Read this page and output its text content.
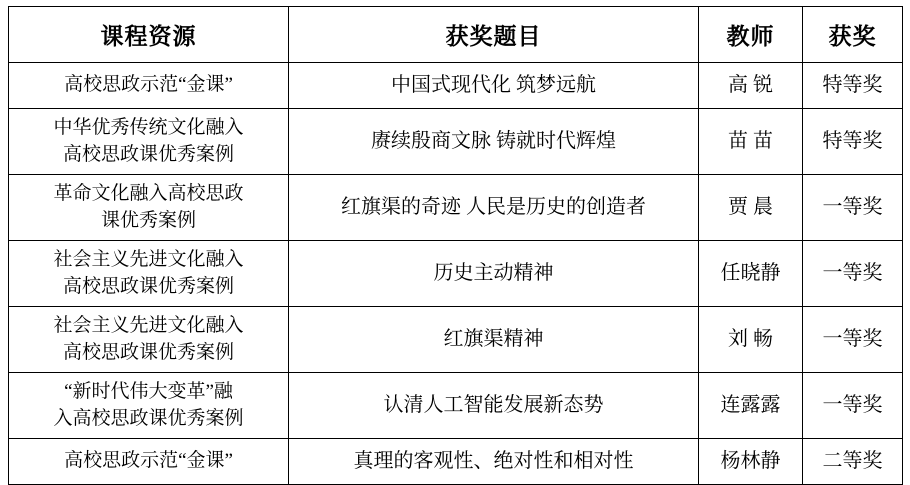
课程资源	获奖题目	教师	获奖

高校思政示范“金课”	中国式现代化 筑梦远航	高 锐	特等奖

中华优秀传统文化融入
高校思政课优秀案例	赓续殷商文脉 铸就时代辉煌	苗 苗	特等奖

革命文化融入高校思政
课优秀案例	红旗渠的奇迹 人民是历史的创造者	贾 晨	一等奖

社会主义先进文化融入
高校思政课优秀案例	历史主动精神	任晓静	一等奖

社会主义先进文化融入
高校思政课优秀案例	红旗渠精神	刘 畅	一等奖

“新时代伟大变革”融
入高校思政课优秀案例	认清人工智能发展新态势	连露露	一等奖

高校思政示范“金课”	真理的客观性、绝对性和相对性	杨林静	二等奖
